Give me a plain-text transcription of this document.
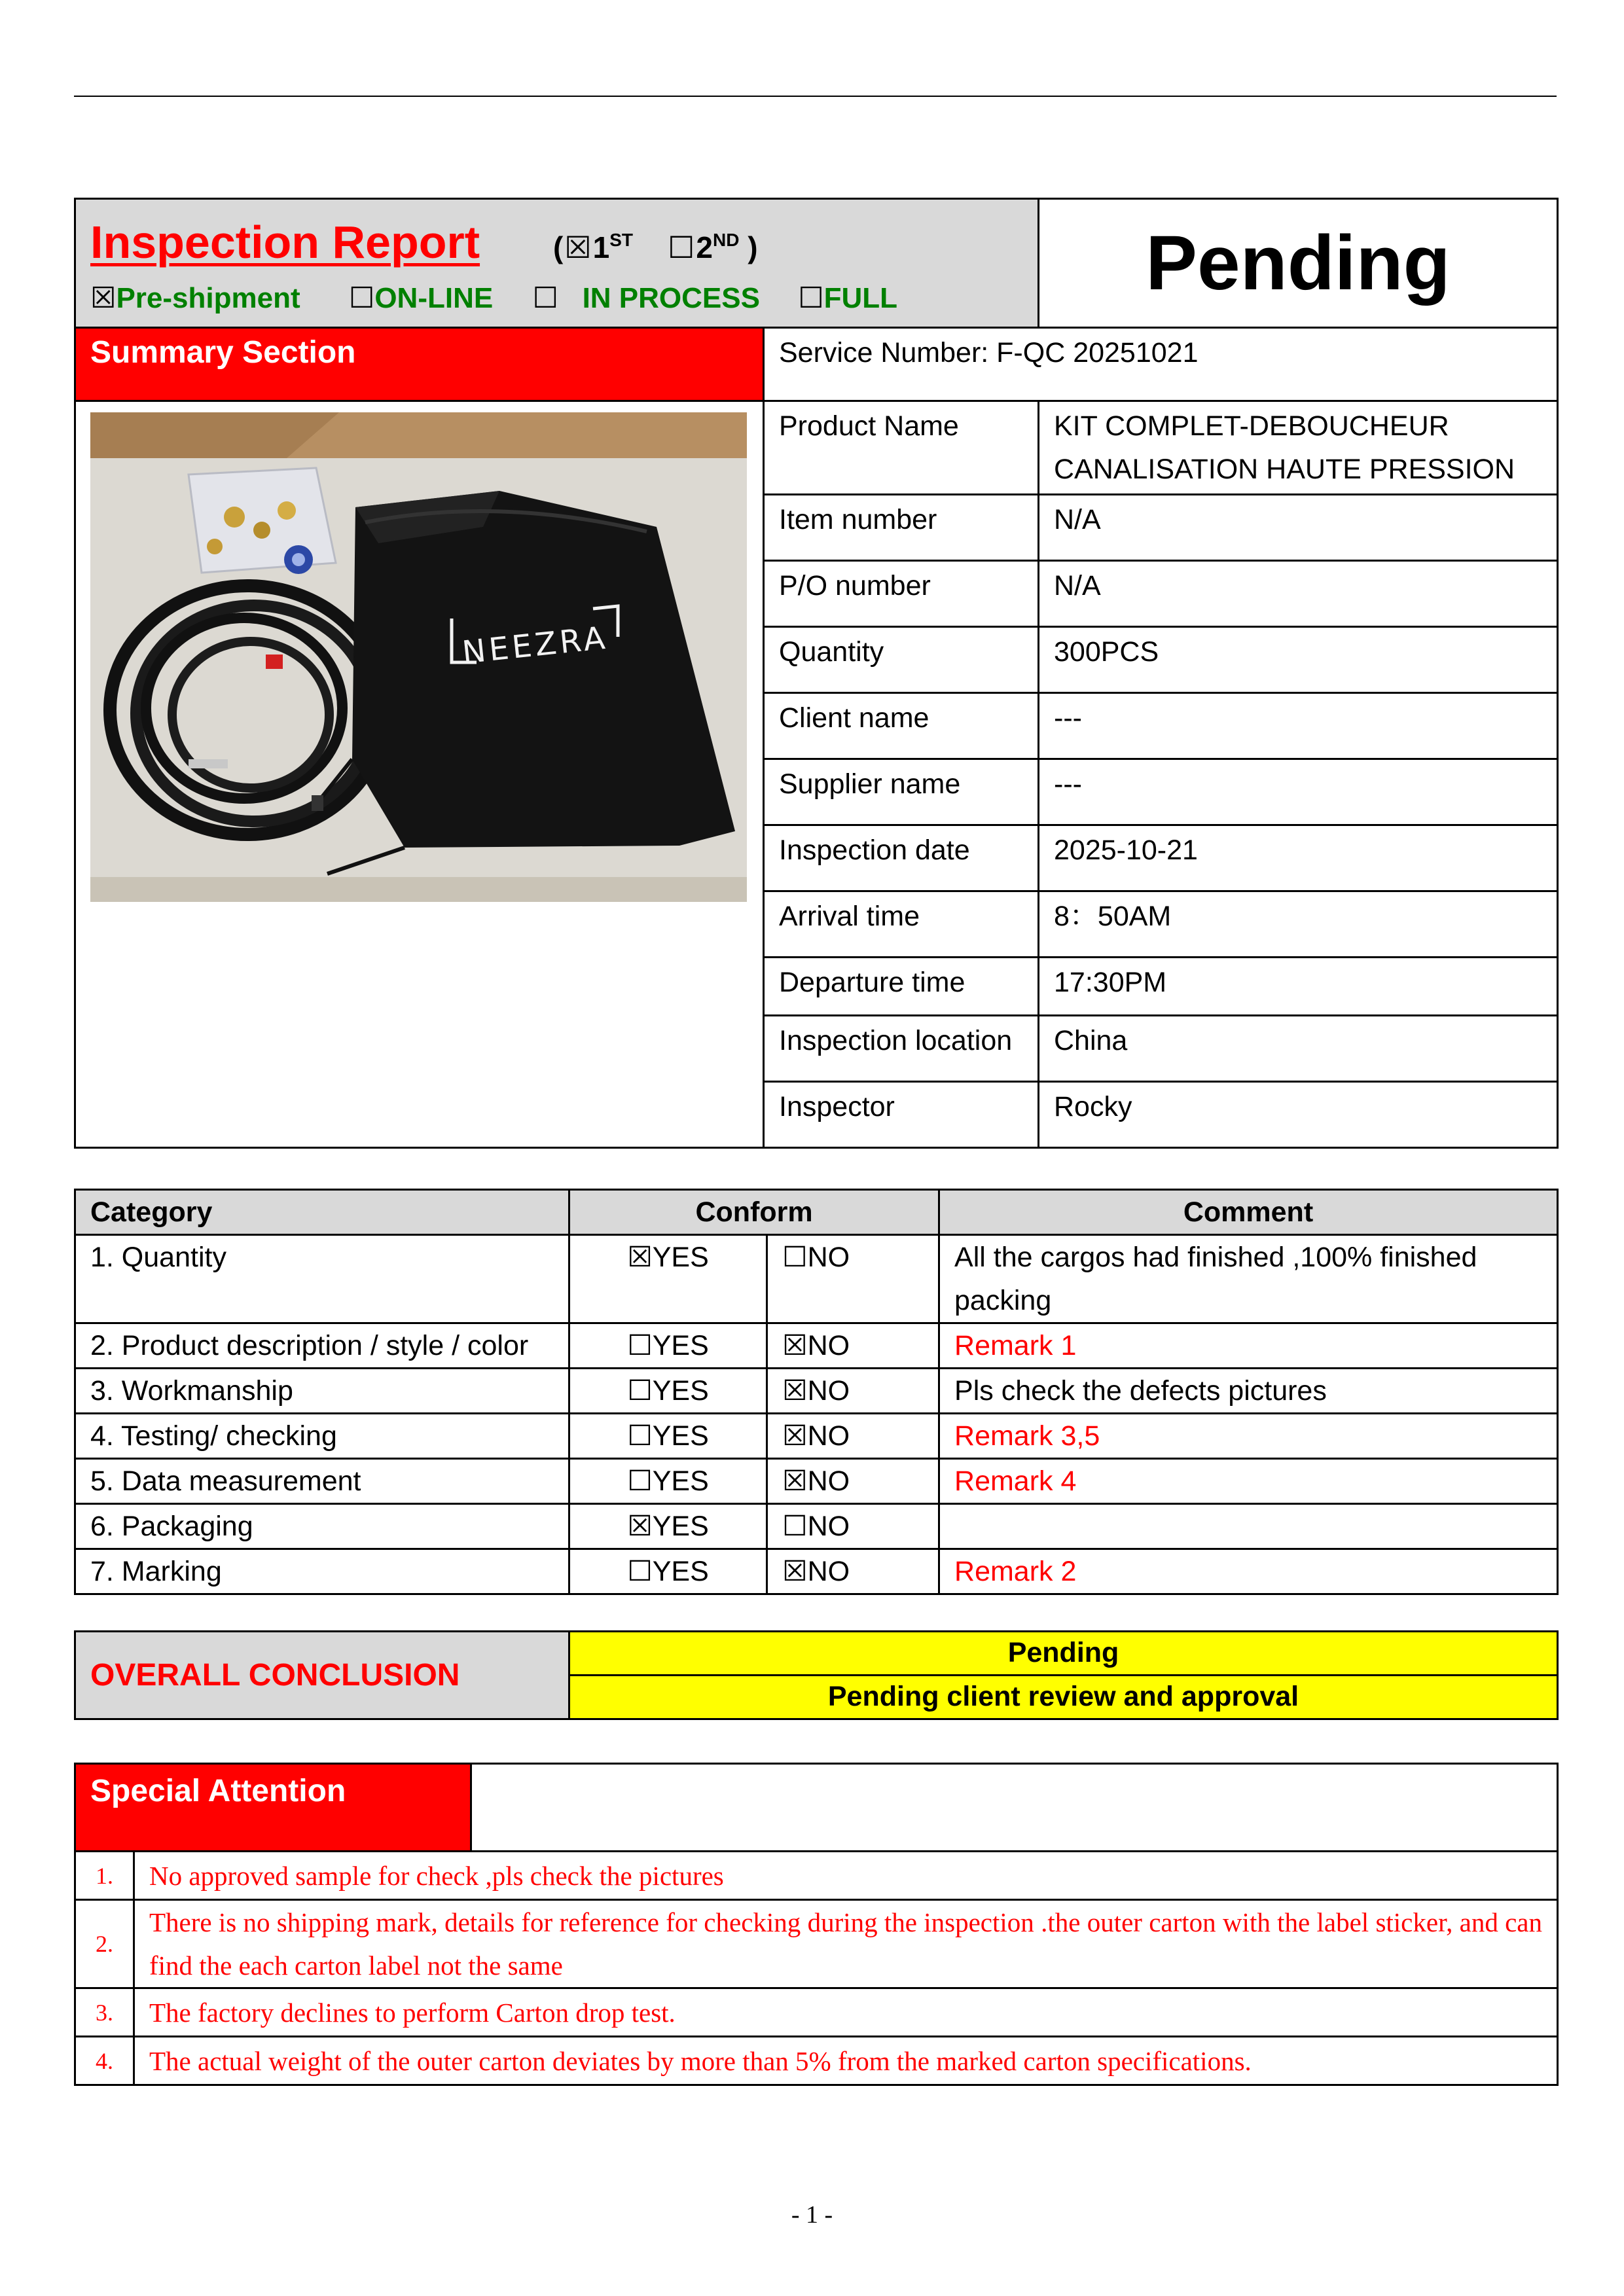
Inspection Report (☒1ST ☐2ND )
☒Pre-shipment ☐ON-LINE ☐ IN PROCESS ☐FULL		Pending
Summary Section	Service Number: F-QC 20251021	

NEEZRA	Product Name	KIT COMPLET-DEBOUCHEUR CANALISATION HAUTE PRESSION
	Item number	N/A
	P/O number	N/A
	Quantity	300PCS
	Client name	---
	Supplier name	---
	Inspection date	2025-10-21
	Arrival time	8：50AM
	Departure time	17:30PM
	Inspection location	China
	Inspector	Rocky
Category	Conform		Comment
1. Quantity	☒YES	☐NO	All the cargos had finished ,100% finished packing
2. Product description / style / color	☐YES	☒NO	Remark 1
3. Workmanship	☐YES	☒NO	Pls check the defects pictures
4. Testing/ checking	☐YES	☒NO	Remark 3,5
5. Data measurement	☐YES	☒NO	Remark 4
6. Packaging	☒YES	☐NO	
7. Marking	☐YES	☒NO	Remark 2
OVERALL CONCLUSION	Pending
Pending client review and approval
Special Attention		
1.	No approved sample for check ,pls check the pictures	
2.	There is no shipping mark, details for reference for checking during the inspection .the outer carton with the label sticker, and can find the each carton label not the same	
3.	The factory declines to perform Carton drop test.	
4.	The actual weight of the outer carton deviates by more than 5% from the marked carton specifications.	
- 1 -
